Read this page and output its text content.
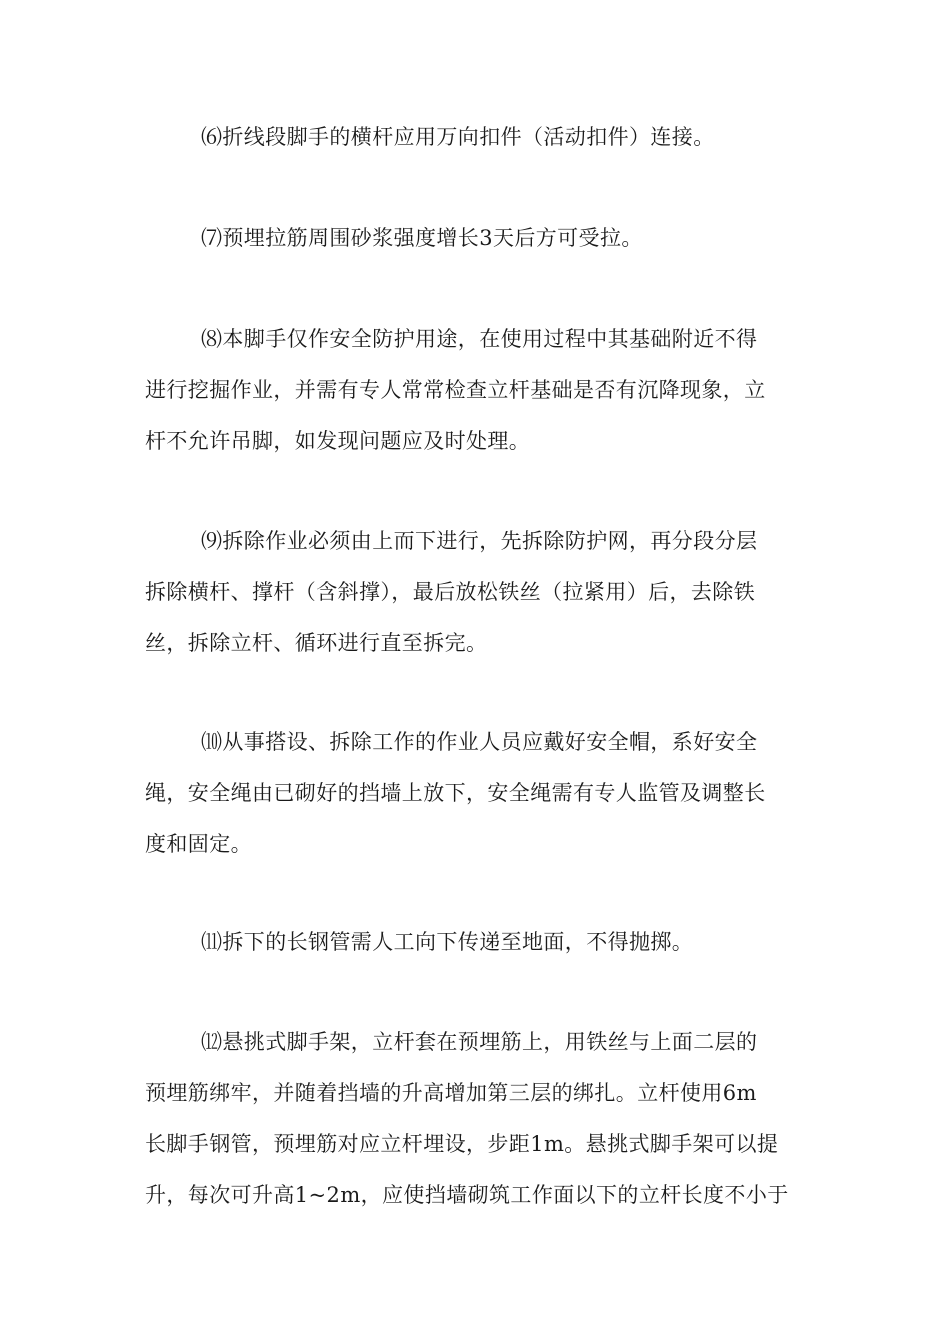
⑹折线段脚手的横杆应用万向扣件（活动扣件）连接。

⑺预埋拉筋周围砂浆强度增长3天后方可受拉。

⑻本脚手仅作安全防护用途，在使用过程中其基础附近不得
进行挖掘作业，并需有专人常常检查立杆基础是否有沉降现象，立
杆不允许吊脚，如发现问题应及时处理。

⑼拆除作业必须由上而下进行，先拆除防护网，再分段分层
拆除横杆、撑杆（含斜撑），最后放松铁丝（拉紧用）后，去除铁
丝，拆除立杆、循环进行直至拆完。

⑽从事搭设、拆除工作的作业人员应戴好安全帽，系好安全
绳，安全绳由已砌好的挡墙上放下，安全绳需有专人监管及调整长
度和固定。

⑾拆下的长钢管需人工向下传递至地面，不得抛掷。

⑿悬挑式脚手架，立杆套在预埋筋上，用铁丝与上面二层的
预埋筋绑牢，并随着挡墙的升高增加第三层的绑扎。立杆使用6m
长脚手钢管，预埋筋对应立杆埋设，步距1m。悬挑式脚手架可以提
升，每次可升高1~2m，应使挡墙砌筑工作面以下的立杆长度不小于
